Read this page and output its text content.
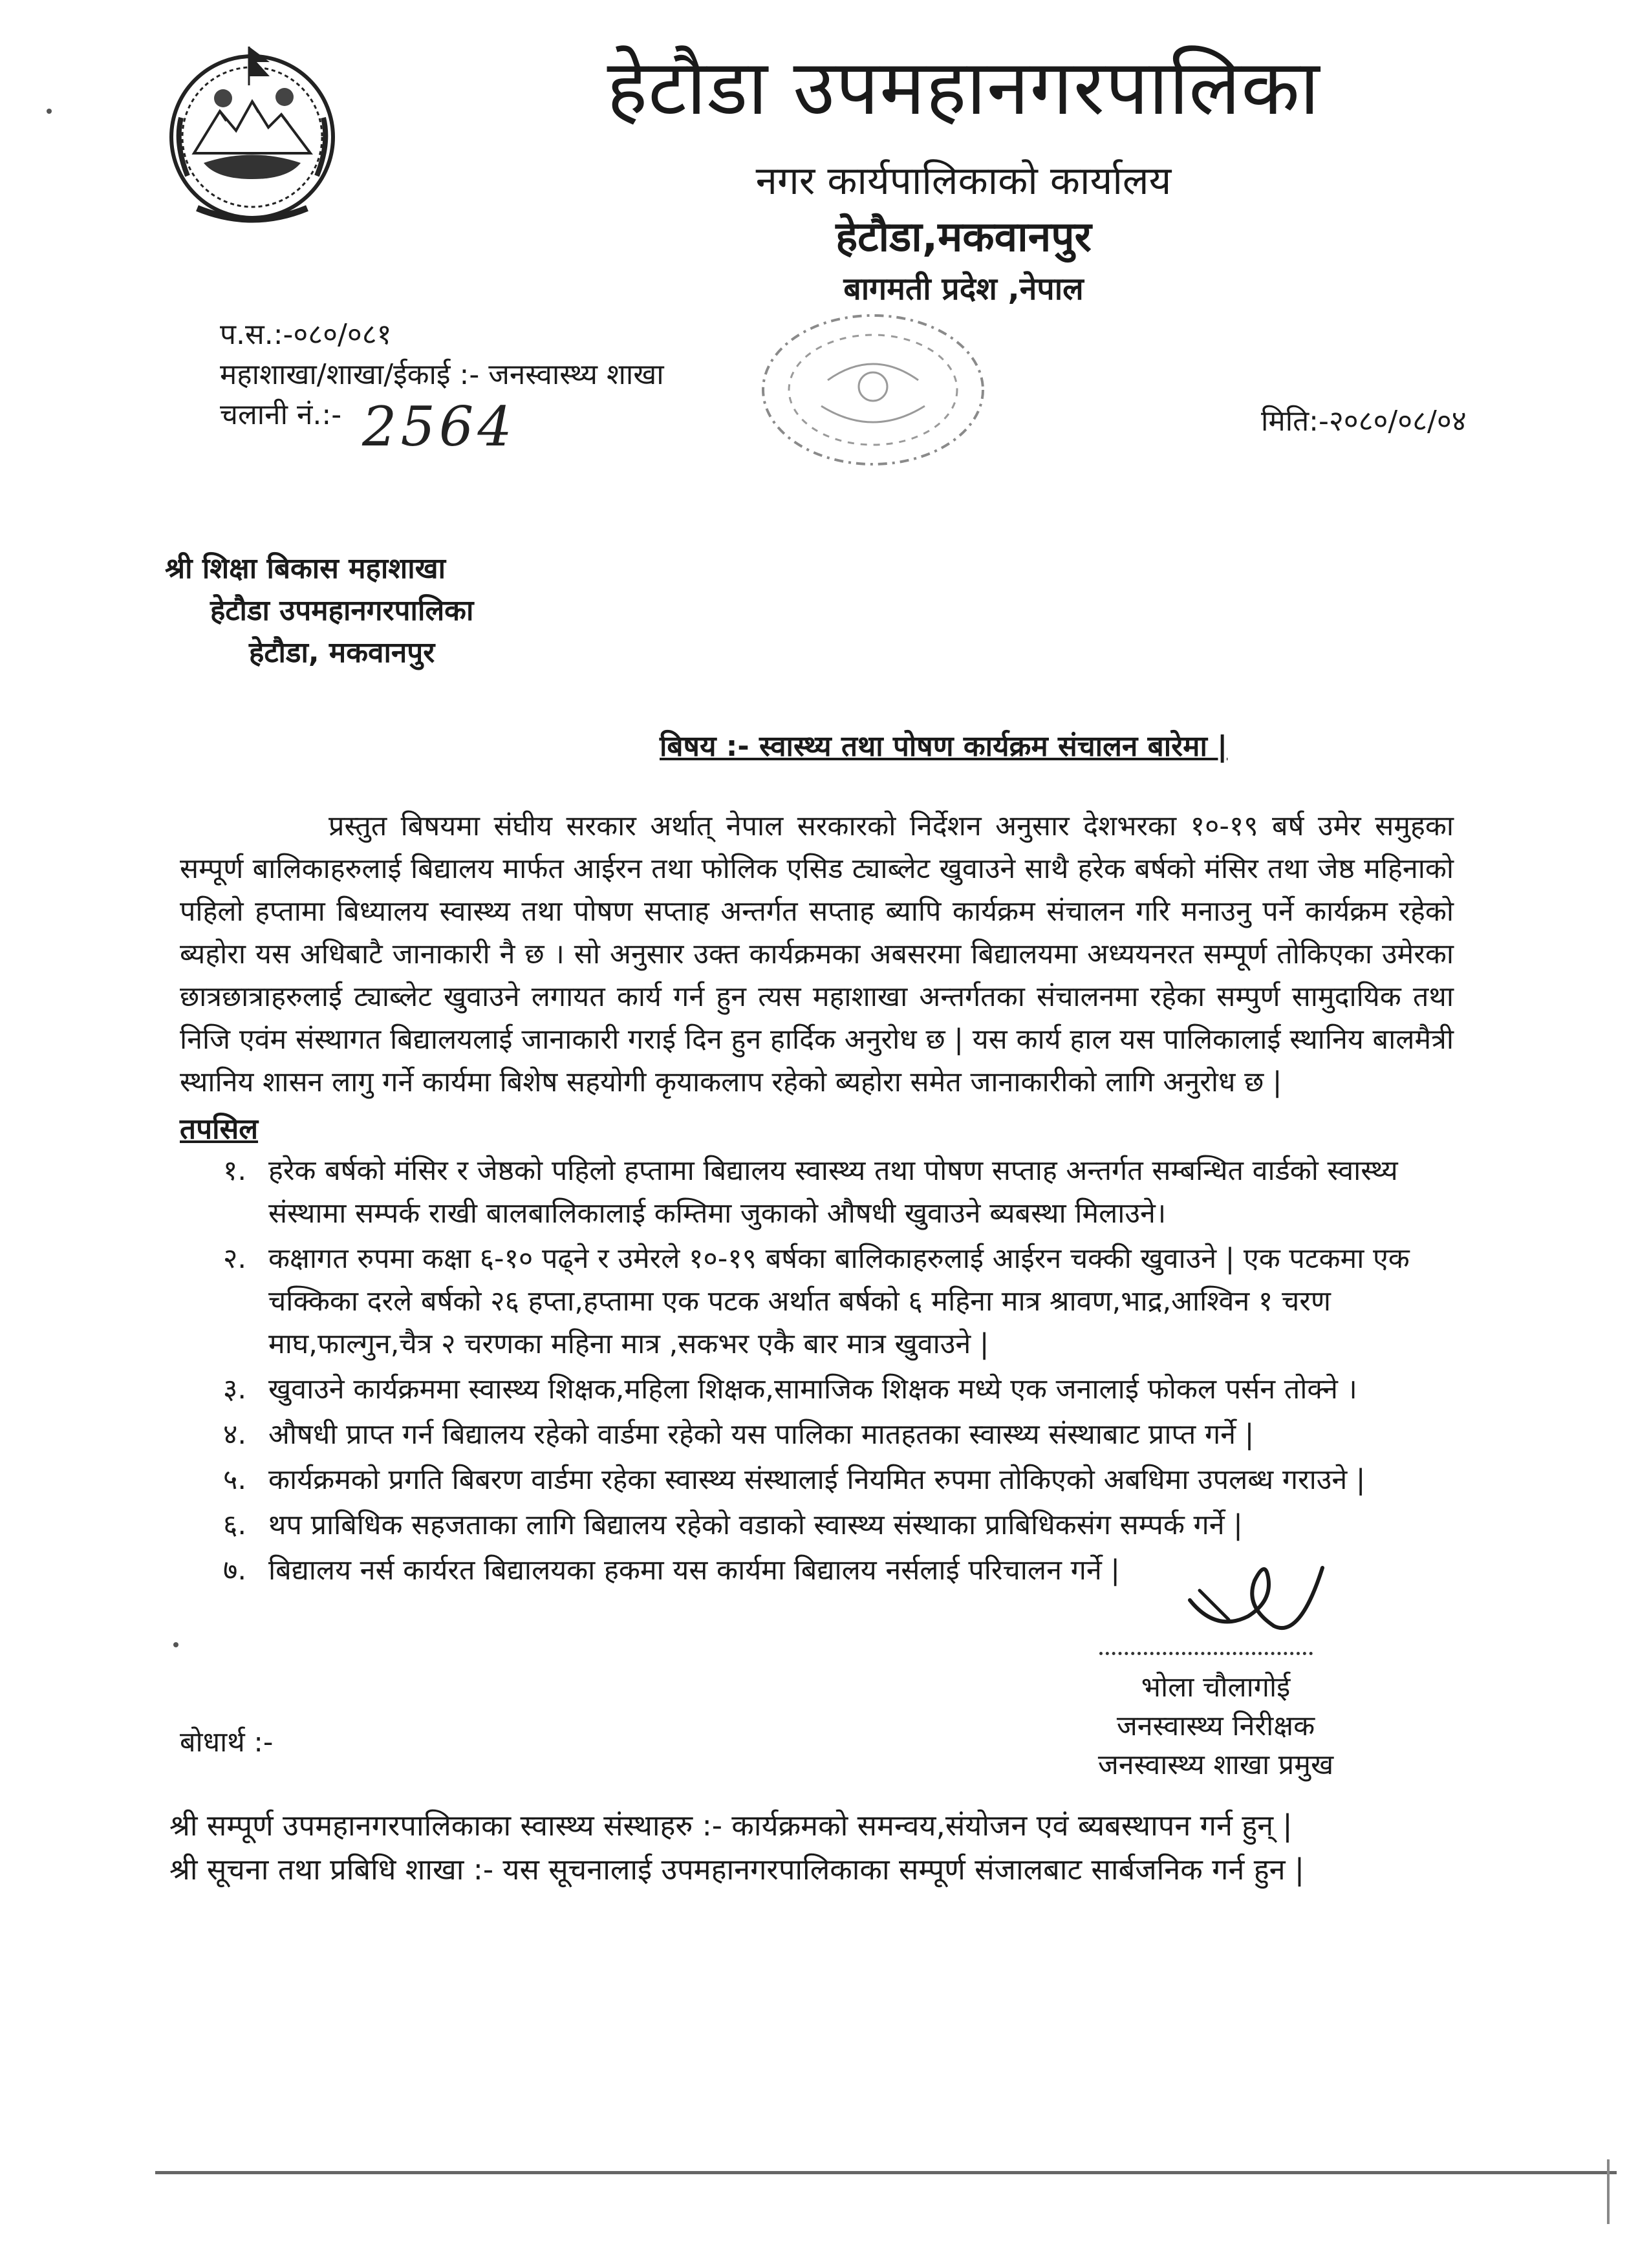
हेटौडा उपमहानगरपालिका
नगर कार्यपालिकाको कार्यालय
हेटौडा,मकवानपुर
बागमती प्रदेश ,नेपाल
प.स.:-०८०/०८१
महाशाखा/शाखा/ईकाई :- जनस्वास्थ्य शाखा
चलानी नं.:- 2564	मिति:-२०८०/०८/०४
श्री शिक्षा बिकास महाशाखा
हेटौडा उपमहानगरपालिका
हेटौडा, मकवानपुर
बिषय :- स्वास्थ्य तथा पोषण कार्यक्रम संचालन बारेमा |

प्रस्तुत बिषयमा संघीय सरकार अर्थात् नेपाल सरकारको निर्देशन अनुसार देशभरका १०-१९ बर्ष उमेर समुहका सम्पूर्ण बालिकाहरुलाई बिद्यालय मार्फत आईरन तथा फोलिक एसिड ट्याब्लेट खुवाउने साथै हरेक बर्षको मंसिर तथा जेष्ठ महिनाको पहिलो हप्तामा बिध्यालय स्वास्थ्य तथा पोषण सप्ताह अन्तर्गत सप्ताह ब्यापि कार्यक्रम संचालन गरि मनाउनु पर्ने कार्यक्रम रहेको ब्यहोरा यस अधिबाटै जानाकारी नै छ । सो अनुसार उक्त कार्यक्रमका अबसरमा बिद्यालयमा अध्ययनरत सम्पूर्ण तोकिएका उमेरका छात्रछात्राहरुलाई ट्याब्लेट खुवाउने लगायत कार्य गर्न हुन त्यस महाशाखा अन्तर्गतका संचालनमा रहेका सम्पुर्ण सामुदायिक तथा निजि एवंम संस्थागत बिद्यालयलाई जानाकारी गराई दिन हुन हार्दिक अनुरोध छ | यस कार्य हाल यस पालिकालाई स्थानिय बालमैत्री स्थानिय शासन लागु गर्ने कार्यमा बिशेष सहयोगी कृयाकलाप रहेको ब्यहोरा समेत जानाकारीको लागि अनुरोध छ |

तपसिल
१. हरेक बर्षको मंसिर र जेष्ठको पहिलो हप्तामा बिद्यालय स्वास्थ्य तथा पोषण सप्ताह अन्तर्गत सम्बन्धित वार्डको स्वास्थ्य संस्थामा सम्पर्क राखी बालबालिकालाई कम्तिमा जुकाको औषधी खुवाउने ब्यबस्था मिलाउने।
२. कक्षागत रुपमा कक्षा ६-१० पढ्ने र उमेरले १०-१९ बर्षका बालिकाहरुलाई आईरन चक्की खुवाउने | एक पटकमा एक चक्किका दरले बर्षको २६ हप्ता,हप्तामा एक पटक अर्थात बर्षको ६ महिना मात्र श्रावण,भाद्र,आश्विन १ चरण माघ,फाल्गुन,चैत्र २ चरणका महिना मात्र ,सकभर एकै बार मात्र खुवाउने |
३. खुवाउने कार्यक्रममा स्वास्थ्य शिक्षक,महिला शिक्षक,सामाजिक शिक्षक मध्ये एक जनालाई फोकल पर्सन तोक्ने ।
४. औषधी प्राप्त गर्न बिद्यालय रहेको वार्डमा रहेको यस पालिका मातहतका स्वास्थ्य संस्थाबाट प्राप्त गर्ने |
५. कार्यक्रमको प्रगति बिबरण वार्डमा रहेका स्वास्थ्य संस्थालाई नियमित रुपमा तोकिएको अबधिमा उपलब्ध गराउने |
६. थप प्राबिधिक सहजताका लागि बिद्यालय रहेको वडाको स्वास्थ्य संस्थाका प्राबिधिकसंग सम्पर्क गर्ने |
७. बिद्यालय नर्स कार्यरत बिद्यालयका हकमा यस कार्यमा बिद्यालय नर्सलाई परिचालन गर्ने |
भोला चौलागोई
जनस्वास्थ्य निरीक्षक
जनस्वास्थ्य शाखा प्रमुख
बोधार्थ :-
श्री सम्पूर्ण उपमहानगरपालिकाका स्वास्थ्य संस्थाहरु :- कार्यक्रमको समन्वय,संयोजन एवं ब्यबस्थापन गर्न हुन् |
श्री सूचना तथा प्रबिधि शाखा :- यस सूचनालाई उपमहानगरपालिकाका सम्पूर्ण संजालबाट सार्बजनिक गर्न हुन |
